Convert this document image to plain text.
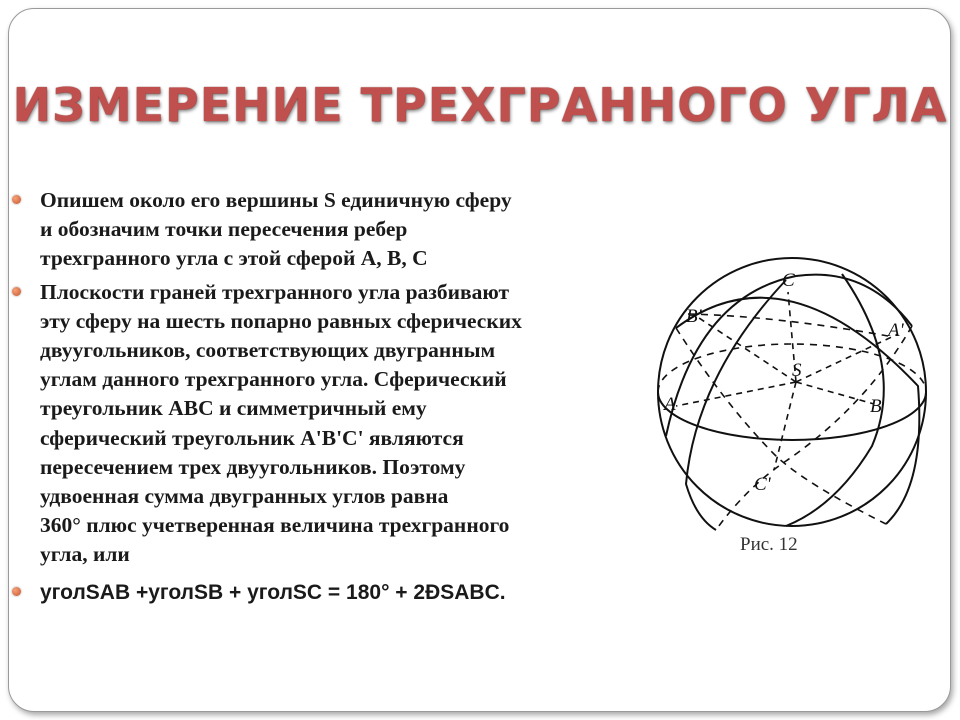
ИЗМЕРЕНИЕ ТРЕХГРАННОГО УГЛА
Опишем около его вершины S единичную сферу
и обозначим точки пересечения ребер
трехгранного угла с этой сферой A, B, C
Плоскости граней трехгранного угла разбивают
эту сферу на шесть попарно равных сферических
двуугольников, соответствующих двугранным
углам данного трехгранного угла. Сферический
треугольник ABC и симметричный ему
сферический треугольник A'B'C' являются
пересечением трех двуугольников. Поэтому
удвоенная сумма двугранных углов равна
360° плюс учетверенная величина трехгранного
угла, или
уголSAB +уголSB + уголSC = 180° + 2ÐSABC.
C
B'
A'
S
A	B
C'
Рис. 12
